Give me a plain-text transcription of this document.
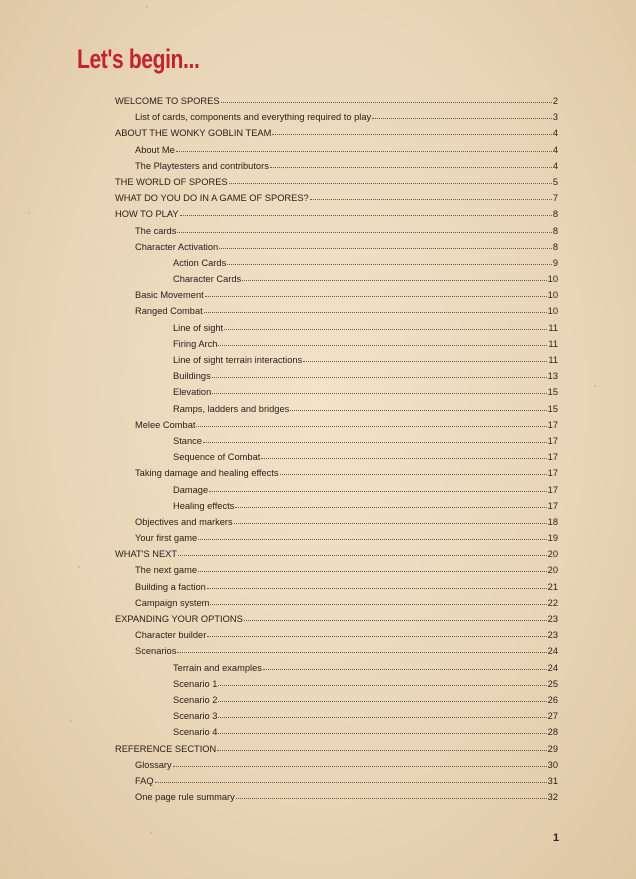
Let's begin...
WELCOME TO SPORES	2
List of cards, components and everything required to play	3
ABOUT THE WONKY GOBLIN TEAM	4
About Me	4
The Playtesters and contributors	4
THE WORLD OF SPORES	5
WHAT DO YOU DO IN A GAME OF SPORES?	7
HOW TO PLAY	8
The cards	8
Character Activation	8
Action Cards	9
Character Cards	10
Basic Movement	10
Ranged Combat	10
Line of sight	11
Firing Arch	11
Line of sight terrain interactions	11
Buildings	13
Elevation	15
Ramps, ladders and bridges	15
Melee Combat	17
Stance	17
Sequence of Combat	17
Taking damage and healing effects	17
Damage	17
Healing effects	17
Objectives and markers	18
Your first game	19
WHAT'S NEXT	20
The next game	20
Building a faction	21
Campaign system	22
EXPANDING YOUR OPTIONS	23
Character builder	23
Scenarios	24
Terrain and examples	24
Scenario 1	25
Scenario 2	26
Scenario 3	27
Scenario 4	28
REFERENCE SECTION	29
Glossary	30
FAQ	31
One page rule summary	32
1
